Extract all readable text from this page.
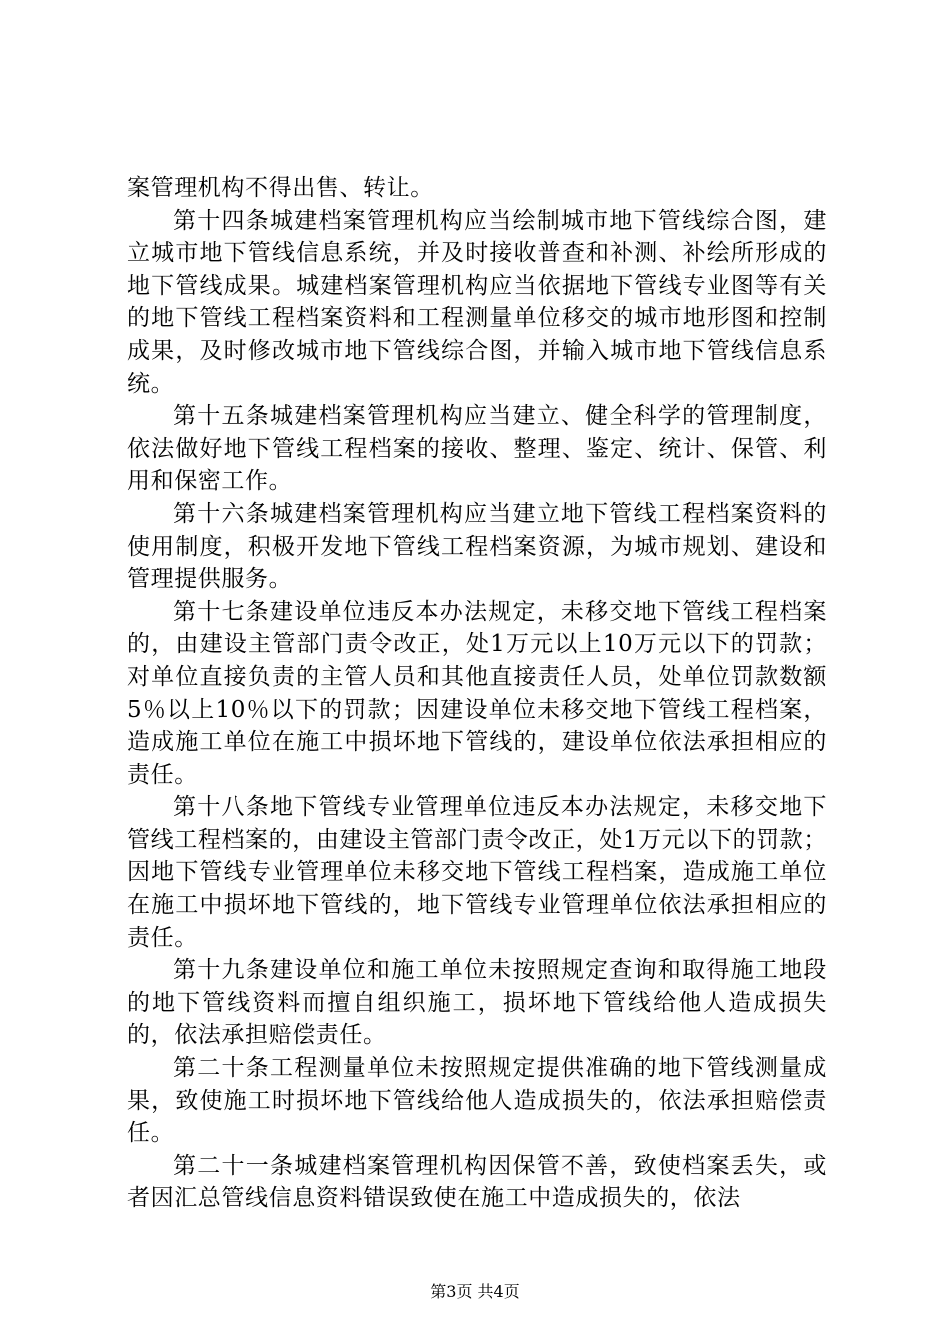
案管理机构不得出售、转让。

第十四条城建档案管理机构应当绘制城市地下管线综合图，建立城市地下管线信息系统，并及时接收普查和补测、补绘所形成的地下管线成果。城建档案管理机构应当依据地下管线专业图等有关的地下管线工程档案资料和工程测量单位移交的城市地形图和控制成果，及时修改城市地下管线综合图，并输入城市地下管线信息系统。

第十五条城建档案管理机构应当建立、健全科学的管理制度，依法做好地下管线工程档案的接收、整理、鉴定、统计、保管、利用和保密工作。

第十六条城建档案管理机构应当建立地下管线工程档案资料的使用制度，积极开发地下管线工程档案资源，为城市规划、建设和管理提供服务。

第十七条建设单位违反本办法规定，未移交地下管线工程档案的，由建设主管部门责令改正，处1万元以上10万元以下的罚款；对单位直接负责的主管人员和其他直接责任人员，处单位罚款数额5％以上10％以下的罚款；因建设单位未移交地下管线工程档案，造成施工单位在施工中损坏地下管线的，建设单位依法承担相应的责任。

第十八条地下管线专业管理单位违反本办法规定，未移交地下管线工程档案的，由建设主管部门责令改正，处1万元以下的罚款；因地下管线专业管理单位未移交地下管线工程档案，造成施工单位在施工中损坏地下管线的，地下管线专业管理单位依法承担相应的责任。

第十九条建设单位和施工单位未按照规定查询和取得施工地段的地下管线资料而擅自组织施工，损坏地下管线给他人造成损失的，依法承担赔偿责任。

第二十条工程测量单位未按照规定提供准确的地下管线测量成果，致使施工时损坏地下管线给他人造成损失的，依法承担赔偿责任。

第二十一条城建档案管理机构因保管不善，致使档案丢失，或者因汇总管线信息资料错误致使在施工中造成损失的，依法

第3页 共4页
